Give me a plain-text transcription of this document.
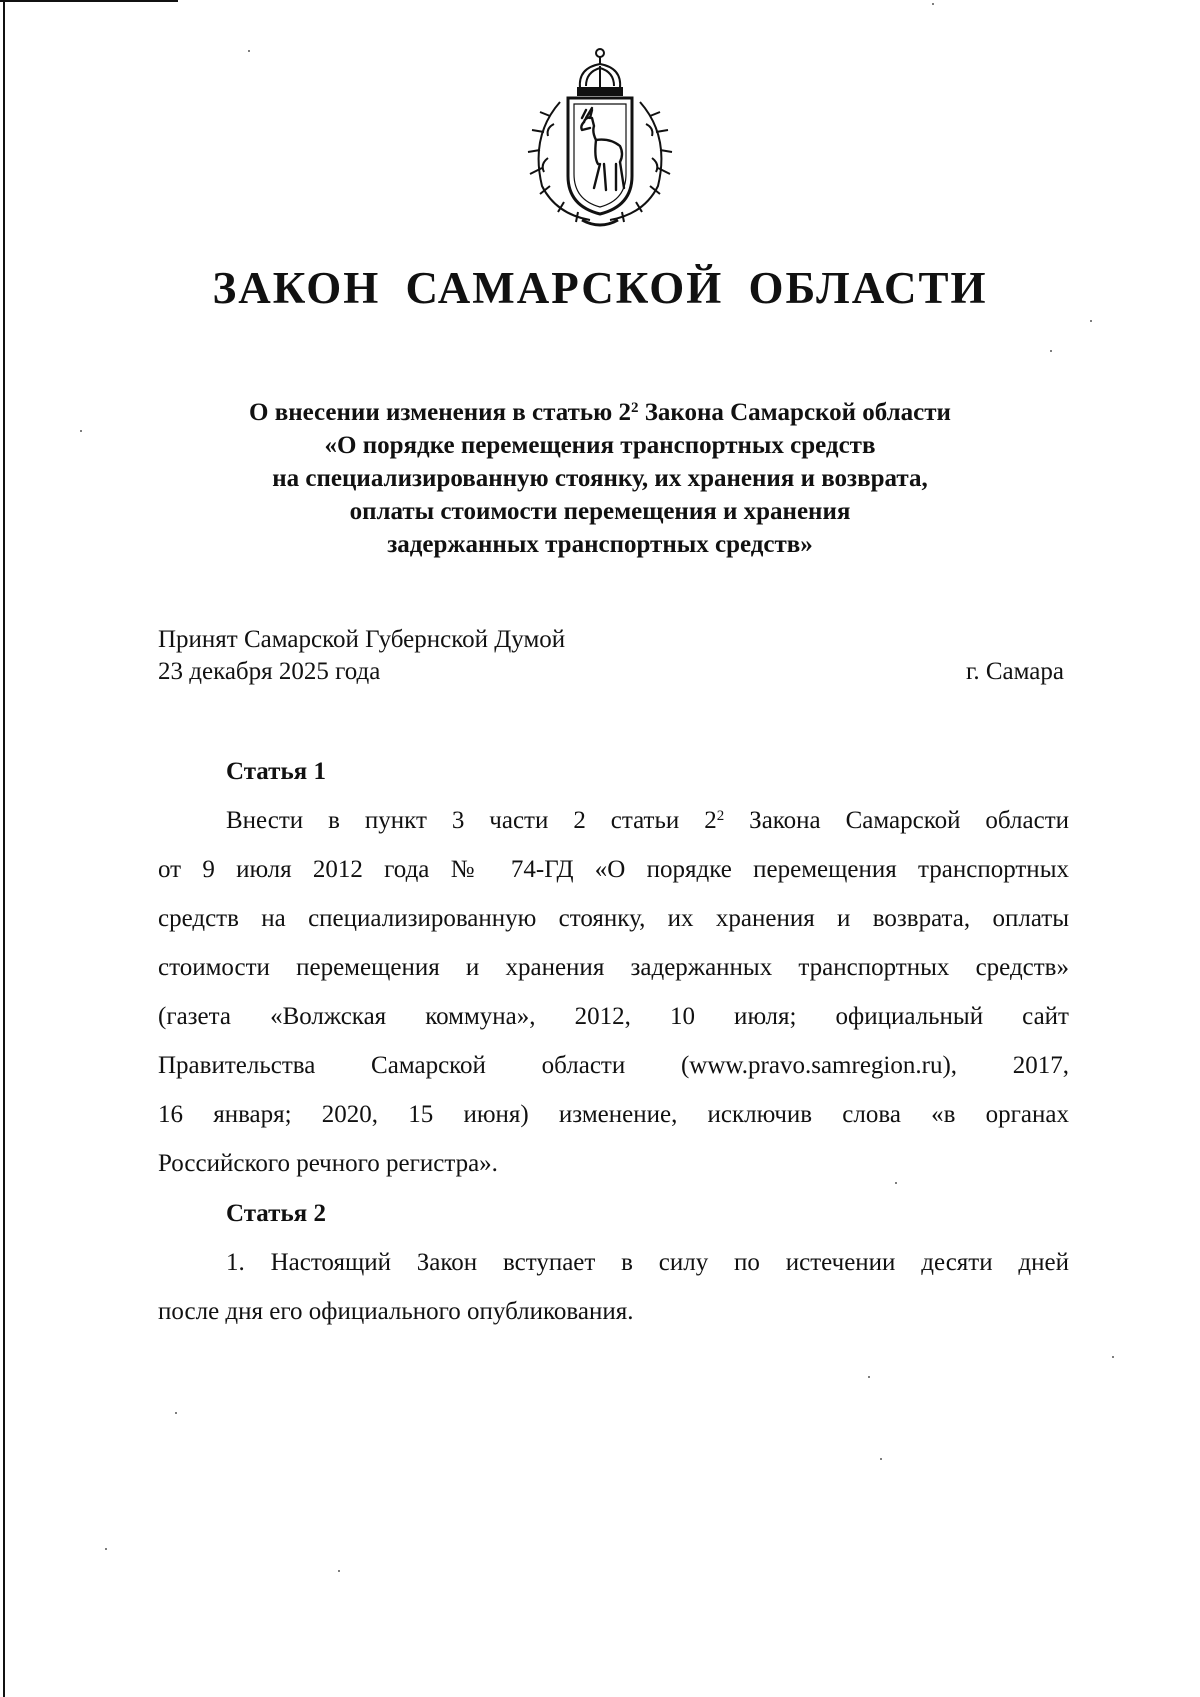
ЗАКОН САМАРСКОЙ ОБЛАСТИ
О внесении изменения в статью $2^2$ Закона Самарской области
«О порядке перемещения транспортных средств
на специализированную стоянку, их хранения и возврата,
оплаты стоимости перемещения и хранения
задержанных транспортных средств»
Принят Самарской Губернской Думой
23 декабря 2025 года	г. Самара
Статья 1
Внести в пункт 3 части 2 статьи $2^2$ Закона Самарской области
от 9 июля 2012 года № 74-ГД «О порядке перемещения транспортных
средств на специализированную стоянку, их хранения и возврата, оплаты
стоимости перемещения и хранения задержанных транспортных средств»
(газета «Волжская коммуна», 2012, 10 июля; официальный сайт
Правительства Самарской области (www.pravo.samregion.ru), 2017,
16 января; 2020, 15 июня) изменение, исключив слова «в органах
Российского речного регистра».
Статья 2
1. Настоящий Закон вступает в силу по истечении десяти дней
после дня его официального опубликования.
